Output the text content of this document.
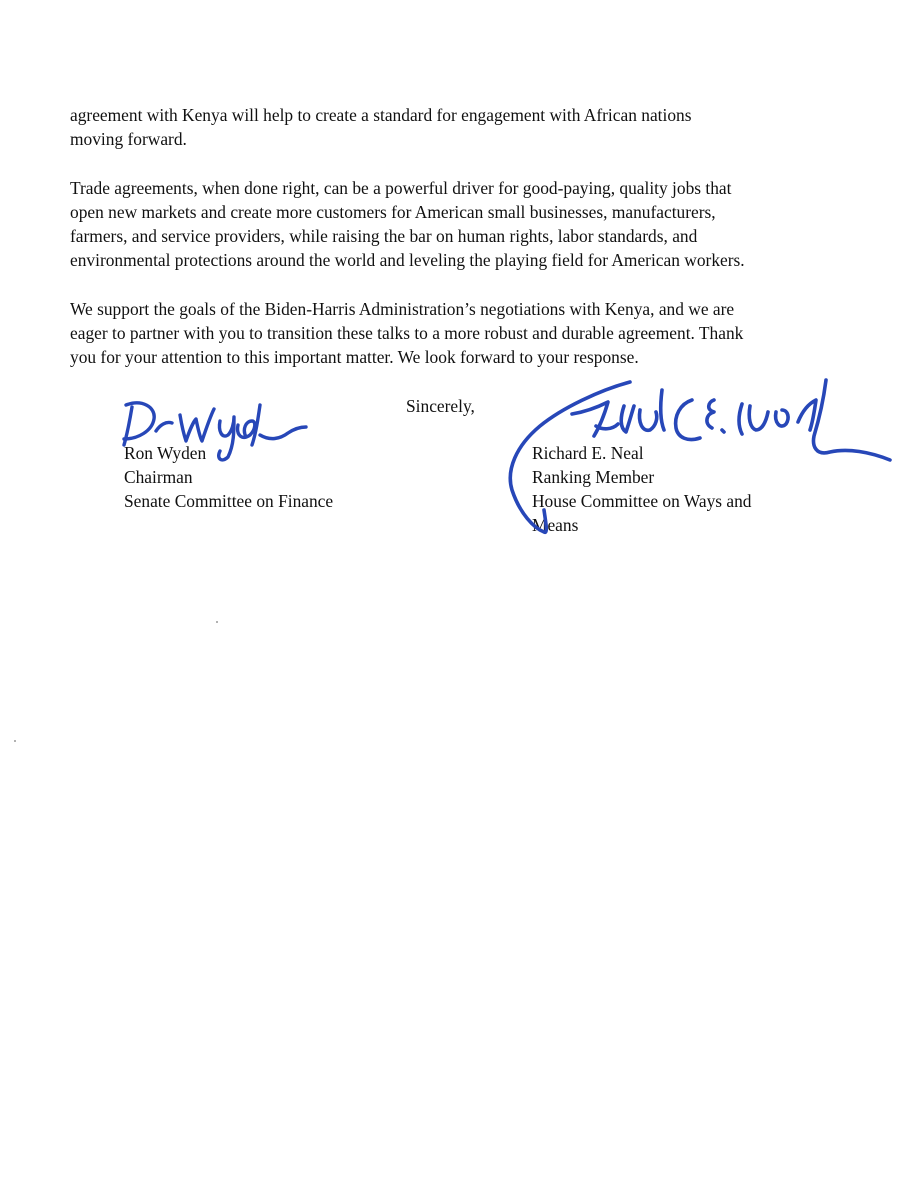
agreement with Kenya will help to create a standard for engagement with African nations
moving forward.

Trade agreements, when done right, can be a powerful driver for good-paying, quality jobs that
open new markets and create more customers for American small businesses, manufacturers,
farmers, and service providers, while raising the bar on human rights, labor standards, and
environmental protections around the world and leveling the playing field for American workers.

We support the goals of the Biden-Harris Administration’s negotiations with Kenya, and we are
eager to partner with you to transition these talks to a more robust and durable agreement. Thank
you for your attention to this important matter. We look forward to your response.

Sincerely,

Ron Wyden
Chairman
Senate Committee on Finance
Richard E. Neal
Ranking Member
House Committee on Ways and
Means
